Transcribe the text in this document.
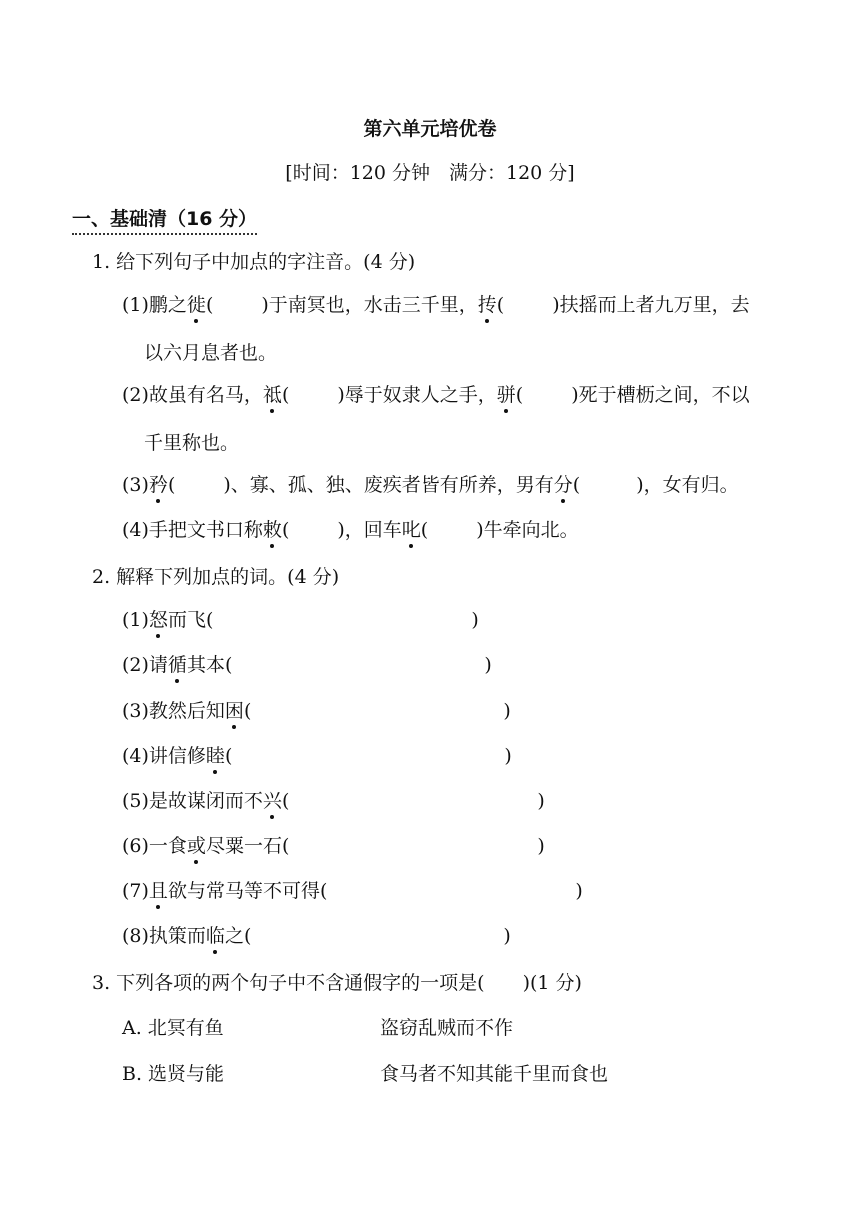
第六单元培优卷
[时间：120 分钟　满分：120 分]
一、基础清（16 分）
1. 给下列句子中加点的字注音。(4 分)
(1)鹏之徙(	)于南冥也，水击三千里，抟(	)扶摇而上者九万里，去
以六月息者也。
(2)故虽有名马，祗(	)辱于奴隶人之手，骈(	)死于槽枥之间，不以
千里称也。
(3)矜(	)、寡、孤、独、废疾者皆有所养，男有分(	)，女有归。
(4)手把文书口称敕(	)，回车叱(	)牛牵向北。
2. 解释下列加点的词。(4 分)
(1)怒而飞(	)
(2)请循其本(	)
(3)教然后知困(	)
(4)讲信修睦(	)
(5)是故谋闭而不兴(	)
(6)一食或尽粟一石(	)
(7)且欲与常马等不可得(	)
(8)执策而临之(	)
3. 下列各项的两个句子中不含通假字的一项是(　　)(1 分)
A. 北冥有鱼	盗窃乱贼而不作
B. 选贤与能	食马者不知其能千里而食也
